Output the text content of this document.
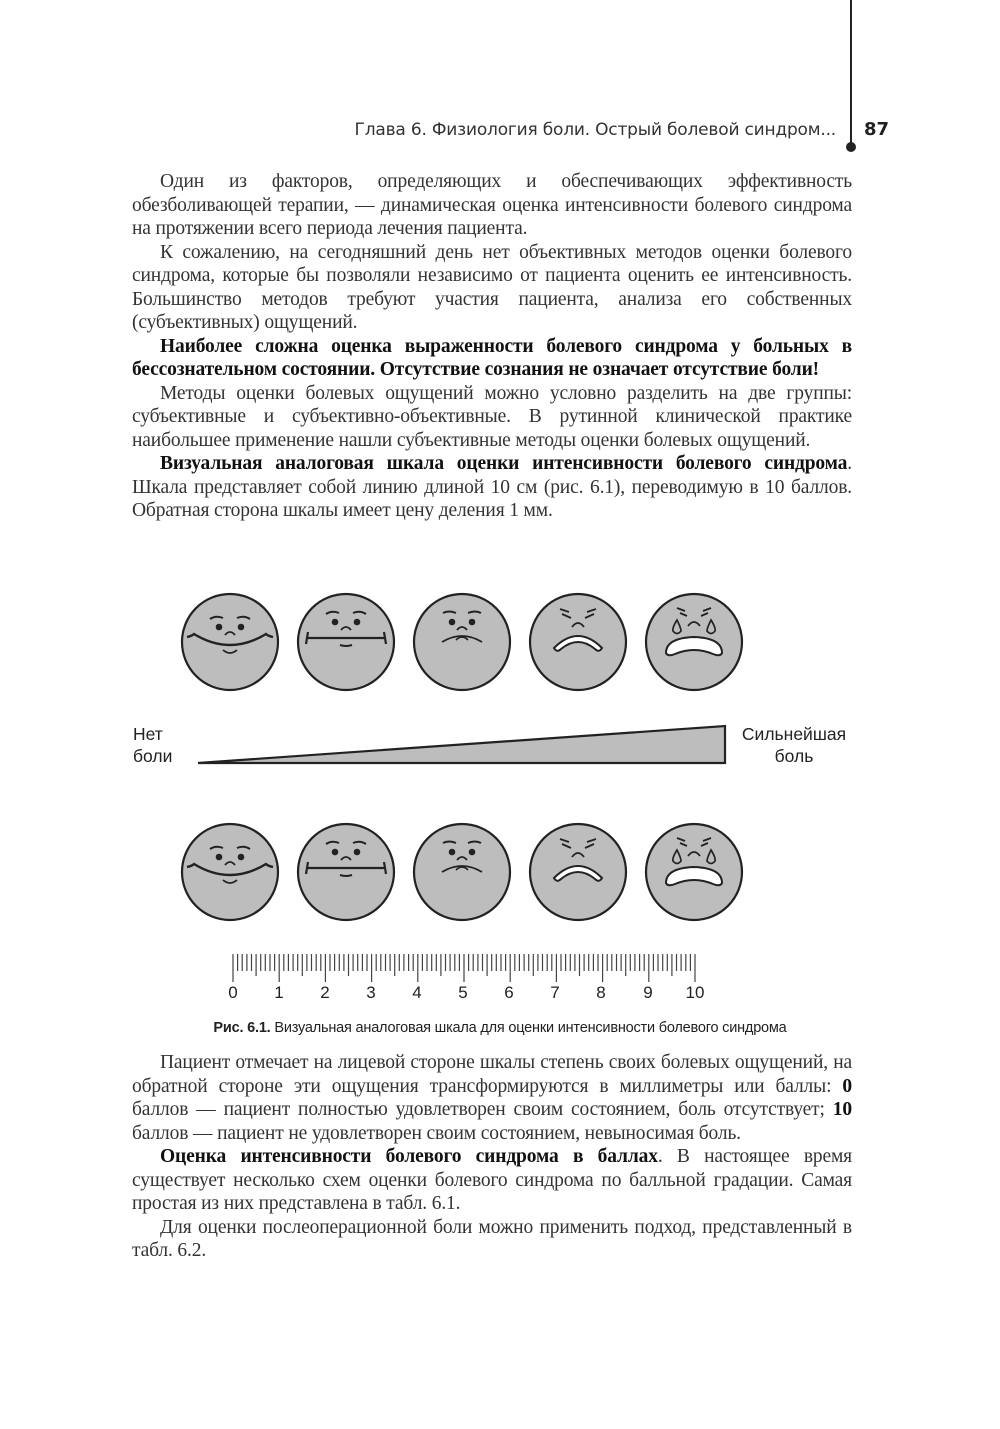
Глава 6. Физиология боли. Острый болевой синдром... 87

Один из факторов, определяющих и обеспечивающих эффективность обезболивающей терапии, — динамическая оценка интенсивности болевого синдрома на протяжении всего периода лечения пациента.

К сожалению, на сегодняшний день нет объективных методов оценки болевого синдрома, которые бы позволяли независимо от пациента оценить ее интенсивность. Большинство методов требуют участия пациента, анализа его собственных (субъективных) ощущений.

Наиболее сложна оценка выраженности болевого синдрома у больных в бессознательном состоянии. Отсутствие сознания не означает отсутствие боли!

Методы оценки болевых ощущений можно условно разделить на две группы: субъективные и субъективно-объективные. В рутинной клинической практике наибольшее применение нашли субъективные методы оценки болевых ощущений.

Визуальная аналоговая шкала оценки интенсивности болевого синдрома. Шкала представляет собой линию длиной 10 см (рис. 6.1), переводимую в 10 баллов. Обратная сторона шкалы имеет цену деления 1 мм.

Нет
боли
Сильнейшая
боль
0	1	2	3	4	5	6	7	8	9	10
Рис. 6.1. Визуальная аналоговая шкала для оценки интенсивности болевого синдрома

Пациент отмечает на лицевой стороне шкалы степень своих болевых ощущений, на обратной стороне эти ощущения трансформируются в миллиметры или баллы: 0 баллов — пациент полностью удовлетворен своим состоянием, боль отсутствует; 10 баллов — пациент не удовлетворен своим состоянием, невыносимая боль.

Оценка интенсивности болевого синдрома в баллах. В настоящее время существует несколько схем оценки болевого синдрома по балльной градации. Самая простая из них представлена в табл. 6.1.

Для оценки послеоперационной боли можно применить подход, представленный в табл. 6.2.
